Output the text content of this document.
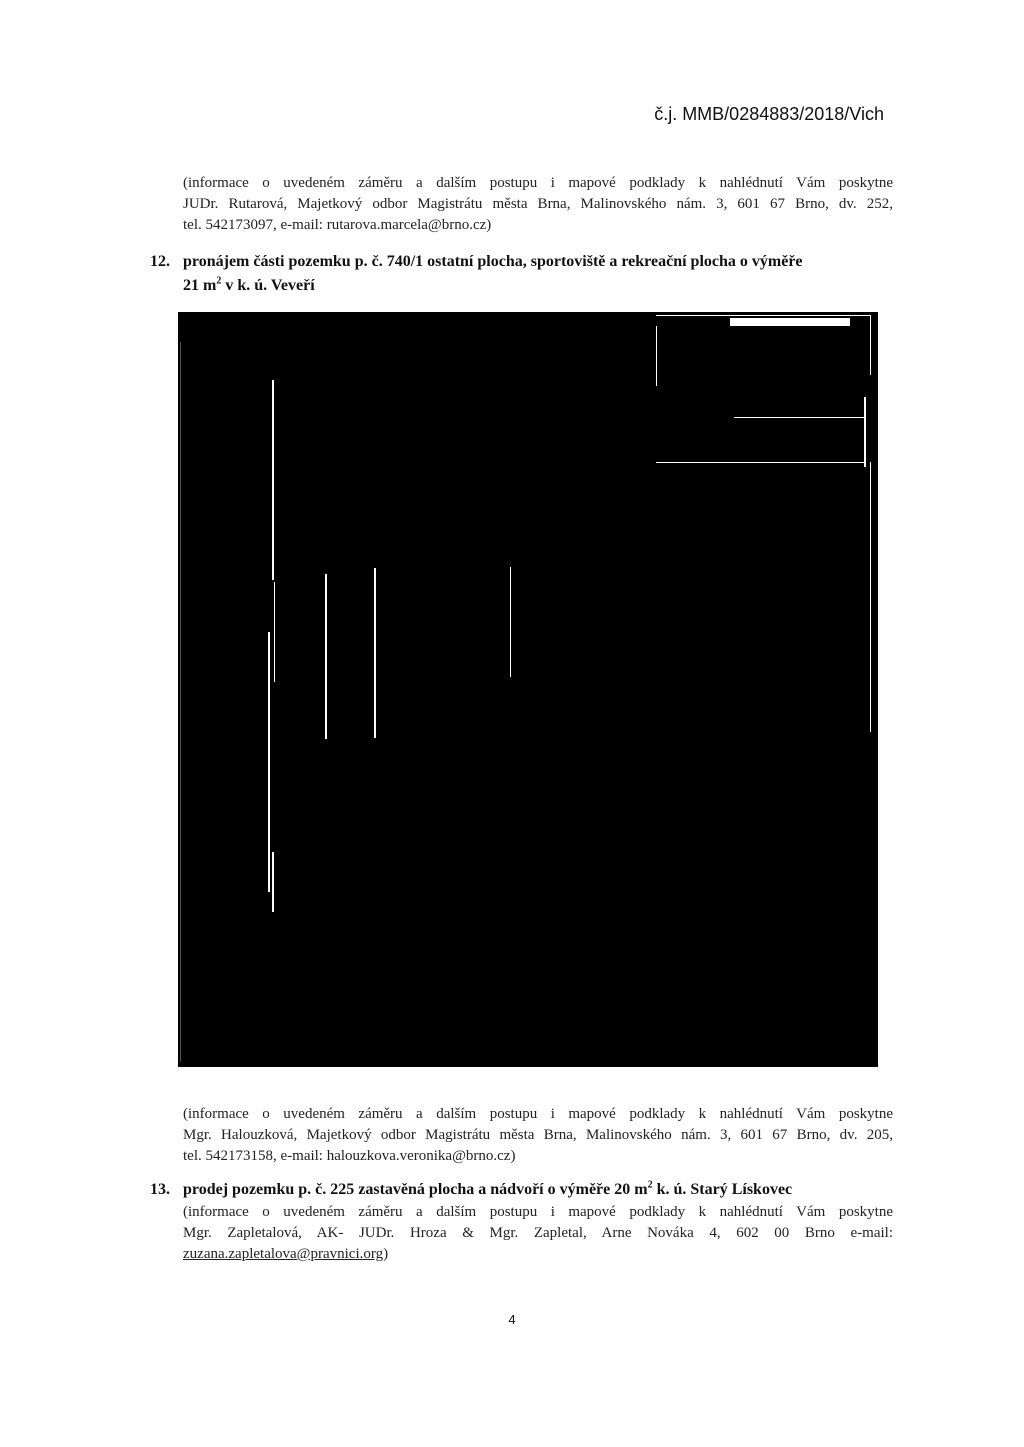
č.j. MMB/0284883/2018/Vich
(informace o uvedeném záměru a dalším postupu i mapové podklady k nahlédnutí Vám poskytne
JUDr. Rutarová, Majetkový odbor Magistrátu města Brna, Malinovského nám. 3, 601 67 Brno, dv. 252,
tel. 542173097, e-mail: rutarova.marcela@brno.cz)
12. pronájem části pozemku p. č. 740/1 ostatní plocha, sportoviště a rekreační plocha o výměře
21 $m^2$ v k. ú. Veveří
(informace o uvedeném záměru a dalším postupu i mapové podklady k nahlédnutí Vám poskytne
Mgr. Halouzková, Majetkový odbor Magistrátu města Brna, Malinovského nám. 3, 601 67 Brno, dv. 205,
tel. 542173158, e-mail: halouzkova.veronika@brno.cz)
13. prodej pozemku p. č. 225 zastavěná plocha a nádvoří o výměře 20 $m^2$ k. ú. Starý Lískovec
(informace o uvedeném záměru a dalším postupu i mapové podklady k nahlédnutí Vám poskytne
Mgr. Zapletalová, AK- JUDr. Hroza & Mgr. Zapletal, Arne Nováka 4, 602 00 Brno e-mail:
zuzana.zapletalova@pravnici.org)
4
